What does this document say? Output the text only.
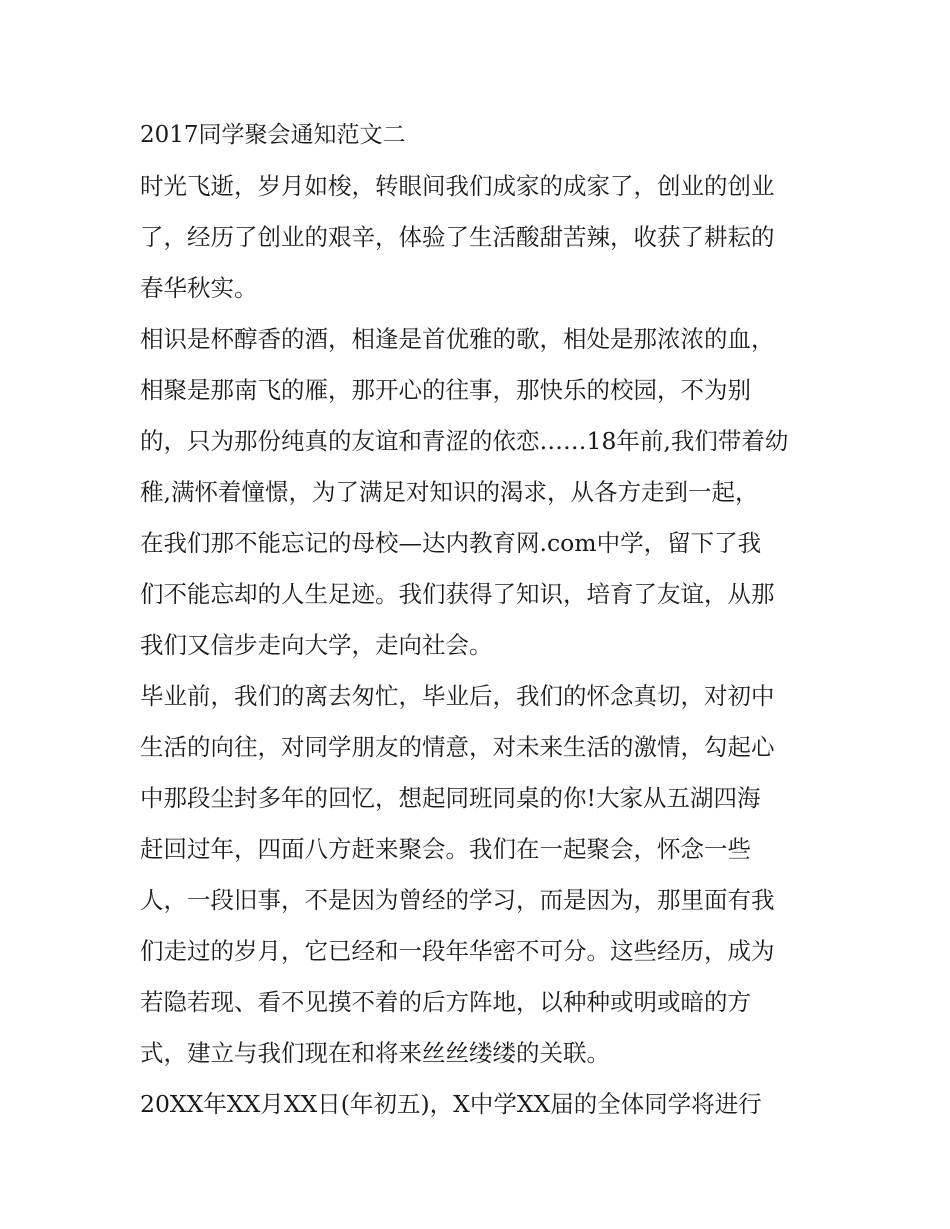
2017同学聚会通知范文二
时光飞逝，岁月如梭，转眼间我们成家的成家了，创业的创业
了，经历了创业的艰辛，体验了生活酸甜苦辣，收获了耕耘的
春华秋实。
相识是杯醇香的酒，相逢是首优雅的歌，相处是那浓浓的血，
相聚是那南飞的雁，那开心的往事，那快乐的校园，不为别
的，只为那份纯真的友谊和青涩的依恋……18年前,我们带着幼
稚,满怀着憧憬，为了满足对知识的渴求，从各方走到一起，
在我们那不能忘记的母校—达内教育网.com中学，留下了我
们不能忘却的人生足迹。我们获得了知识，培育了友谊，从那
我们又信步走向大学，走向社会。
毕业前，我们的离去匆忙，毕业后，我们的怀念真切，对初中
生活的向往，对同学朋友的情意，对未来生活的激情，勾起心
中那段尘封多年的回忆，想起同班同桌的你!大家从五湖四海
赶回过年，四面八方赶来聚会。我们在一起聚会，怀念一些
人，一段旧事，不是因为曾经的学习，而是因为，那里面有我
们走过的岁月，它已经和一段年华密不可分。这些经历，成为
若隐若现、看不见摸不着的后方阵地，以种种或明或暗的方
式，建立与我们现在和将来丝丝缕缕的关联。
20XX年XX月XX日(年初五)，X中学XX届的全体同学将进行
